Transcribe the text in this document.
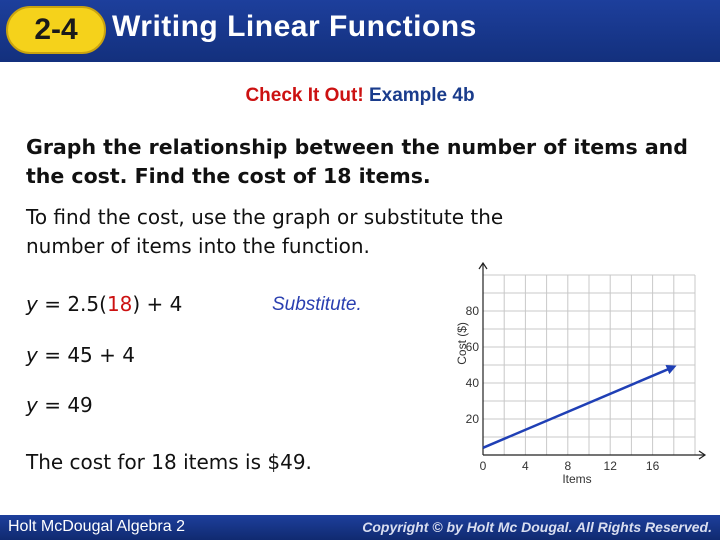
2-4	Writing Linear Functions
Check It Out! Example 4b
Graph the relationship between the number of items and the cost. Find the cost of 18 items.
To find the cost, use the graph or substitute the number of items into the function.
y = 2.5(18) + 4	Substitute.
y = 45 + 4
y = 49
The cost for 18 items is $49.	0	4	8	12 16
20
40
60
80
Items
Cost ($)
Holt McDougal Algebra 2	Copyright © by Holt Mc Dougal. All Rights Reserved.
